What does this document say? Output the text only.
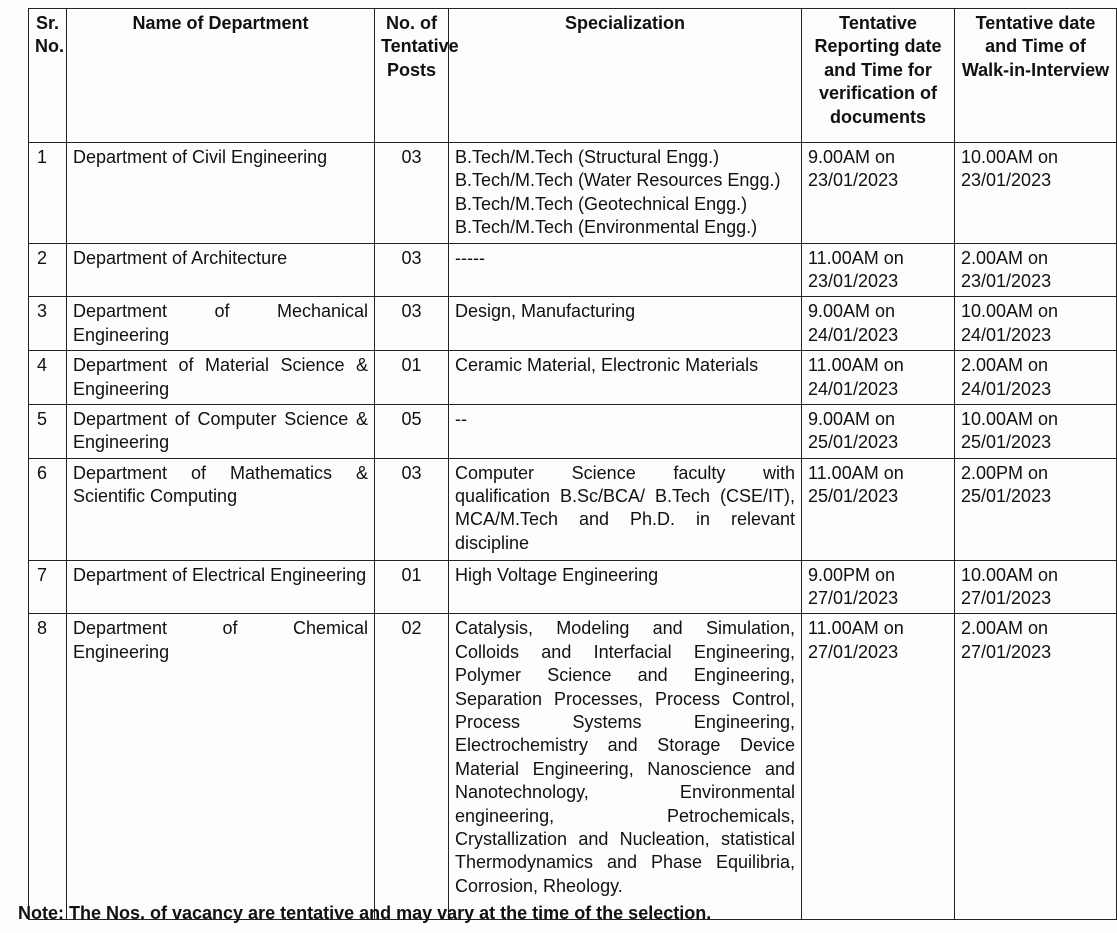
Sr. No.	Name of Department	No. of Tentative Posts	Specialization	Tentative Reporting date and Time for verification of documents	Tentative date and Time of Walk-in-Interview
1	Department of Civil Engineering	03	B.Tech/M.Tech (Structural Engg.)
B.Tech/M.Tech (Water Resources Engg.)
B.Tech/M.Tech (Geotechnical Engg.)
B.Tech/M.Tech (Environmental Engg.)	9.00AM on 23/01/2023	10.00AM on 23/01/2023
2	Department of Architecture	03	-----	11.00AM on 23/01/2023	2.00AM on 23/01/2023
3	Department of Mechanical Engineering	03	Design, Manufacturing	9.00AM on 24/01/2023	10.00AM on 24/01/2023
4	Department of Material Science & Engineering	01	Ceramic Material, Electronic Materials	11.00AM on 24/01/2023	2.00AM on 24/01/2023
5	Department of Computer Science & Engineering	05	--	9.00AM on 25/01/2023	10.00AM on 25/01/2023
6	Department of Mathematics & Scientific Computing	03	Computer Science faculty with qualification B.Sc/BCA/ B.Tech (CSE/IT), MCA/M.Tech and Ph.D. in relevant discipline	11.00AM on 25/01/2023	2.00PM on 25/01/2023
7	Department of Electrical Engineering	01	High Voltage Engineering	9.00PM on 27/01/2023	10.00AM on 27/01/2023
8	Department of Chemical Engineering	02	Catalysis, Modeling and Simulation, Colloids and Interfacial Engineering, Polymer Science and Engineering, Separation Processes, Process Control, Process Systems Engineering, Electrochemistry and Storage Device Material Engineering, Nanoscience and Nanotechnology, Environmental engineering, Petrochemicals, Crystallization and Nucleation, statistical Thermodynamics and Phase Equilibria, Corrosion, Rheology.	11.00AM on 27/01/2023	2.00AM on 27/01/2023
Note: The Nos. of vacancy are tentative and may vary at the time of the selection.
